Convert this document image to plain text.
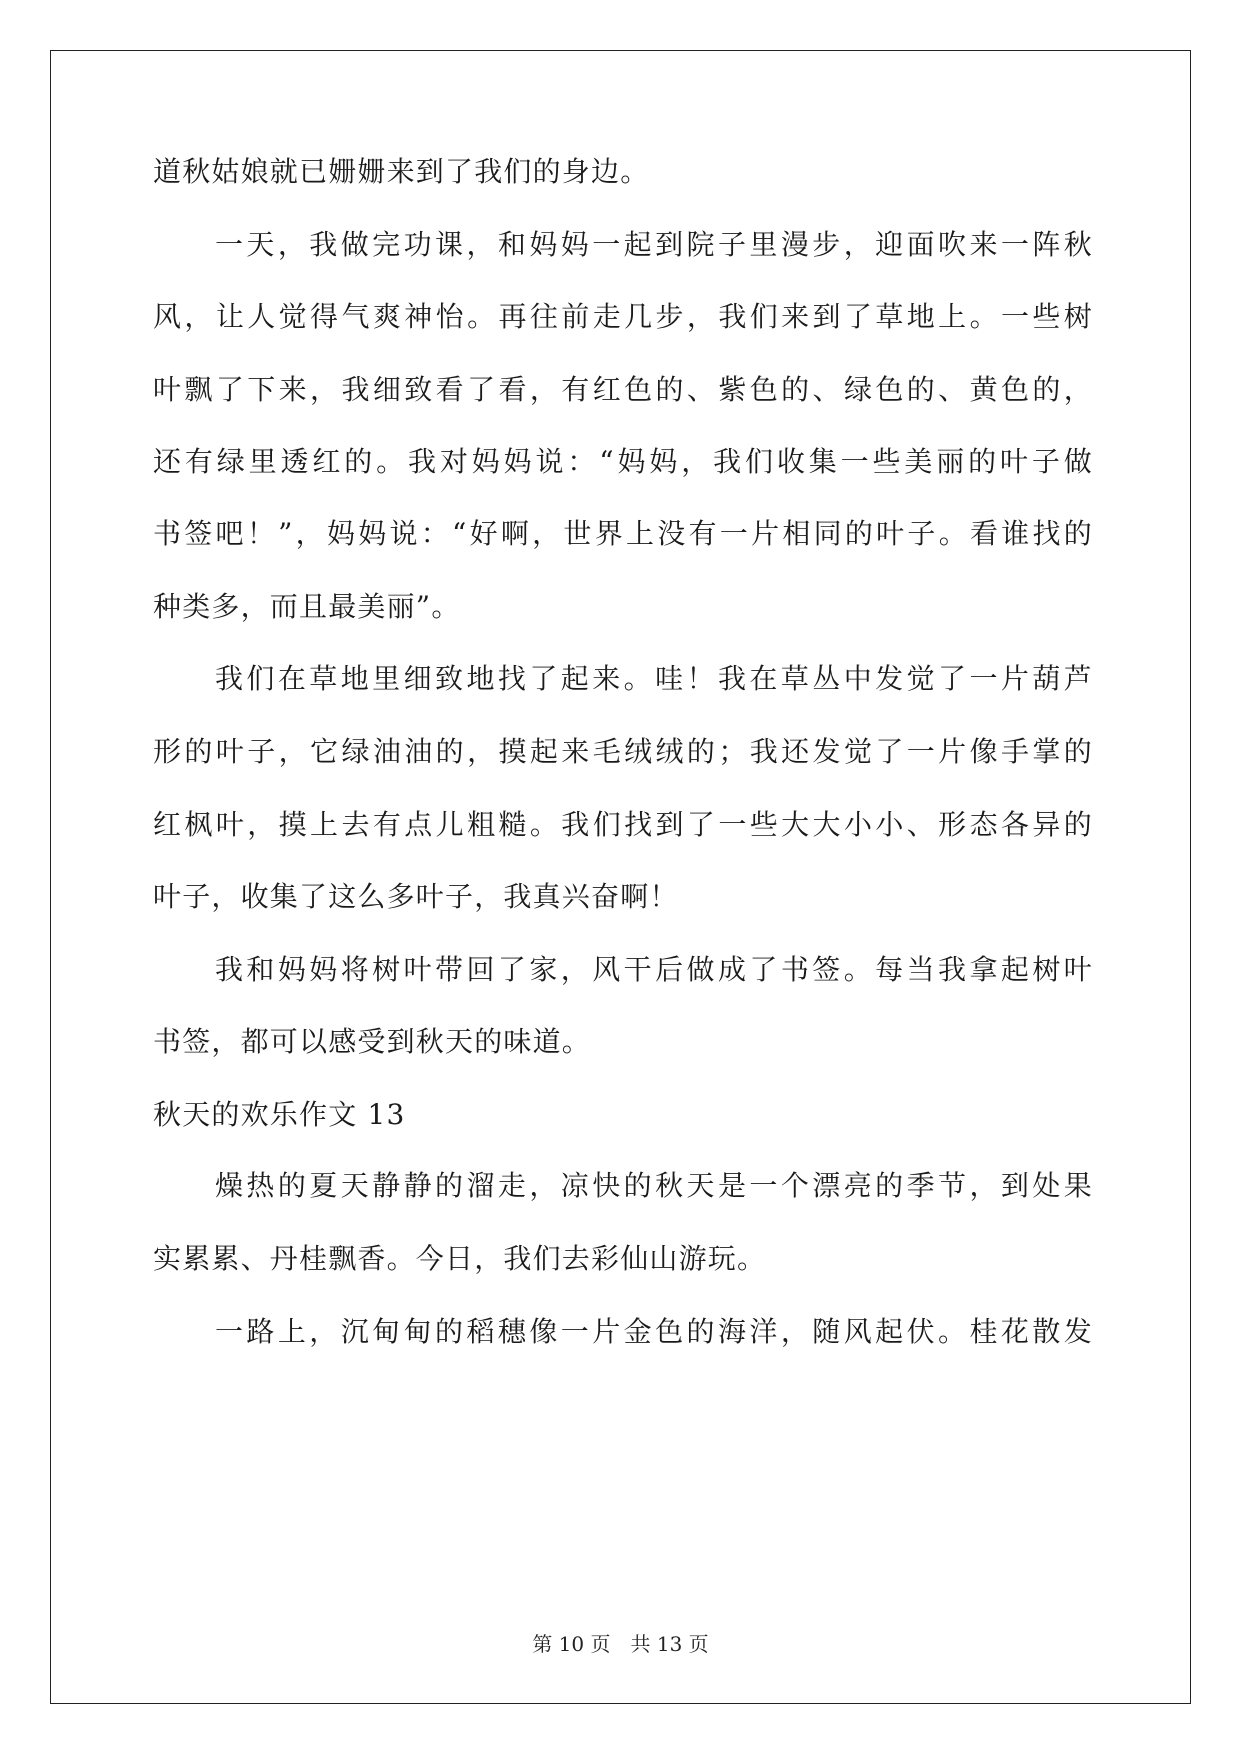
道秋姑娘就已姗姗来到了我们的身边。
一天，我做完功课，和妈妈一起到院子里漫步，迎面吹来一阵秋
风，让人觉得气爽神怡。再往前走几步，我们来到了草地上。一些树
叶飘了下来，我细致看了看，有红色的、紫色的、绿色的、黄色的，
还有绿里透红的。我对妈妈说：“妈妈，我们收集一些美丽的叶子做
书签吧！”，妈妈说：“好啊，世界上没有一片相同的叶子。看谁找的
种类多，而且最美丽”。
我们在草地里细致地找了起来。哇！我在草丛中发觉了一片葫芦
形的叶子，它绿油油的，摸起来毛绒绒的；我还发觉了一片像手掌的
红枫叶，摸上去有点儿粗糙。我们找到了一些大大小小、形态各异的
叶子，收集了这么多叶子，我真兴奋啊！
我和妈妈将树叶带回了家，风干后做成了书签。每当我拿起树叶
书签，都可以感受到秋天的味道。
秋天的欢乐作文 13
燥热的夏天静静的溜走，凉快的秋天是一个漂亮的季节，到处果
实累累、丹桂飘香。今日，我们去彩仙山游玩。
一路上，沉甸甸的稻穗像一片金色的海洋，随风起伏。桂花散发
第 10 页　共 13 页
